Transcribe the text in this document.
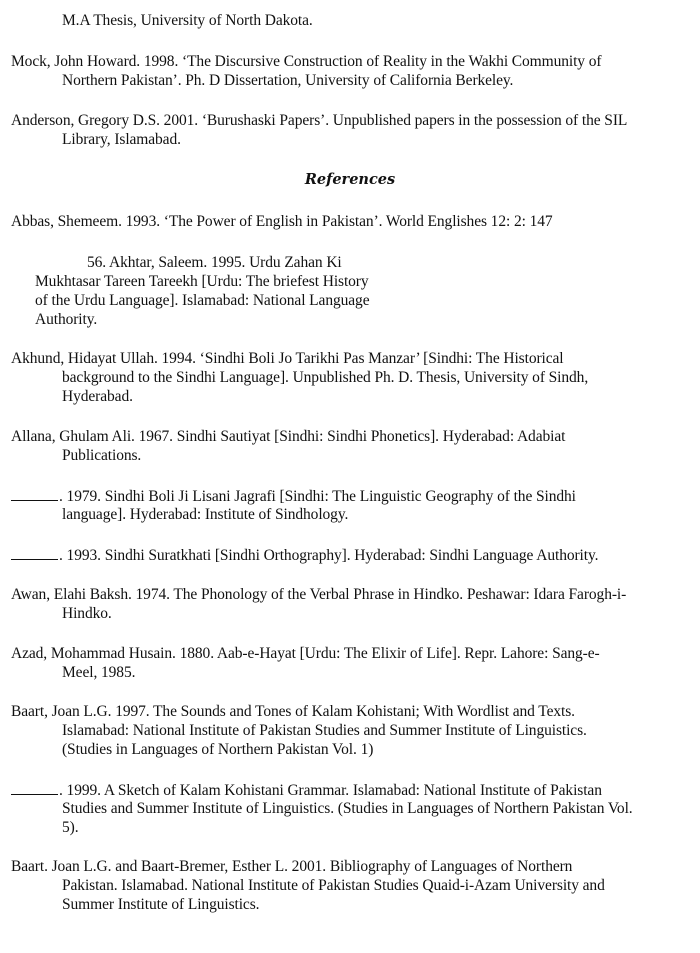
M.A Thesis, University of North Dakota.
Mock, John Howard. 1998. ‘The Discursive Construction of Reality in the Wakhi Community of
Northern Pakistan’. Ph. D Dissertation, University of California Berkeley.
Anderson, Gregory D.S. 2001. ‘Burushaski Papers’. Unpublished papers in the possession of the SIL
Library, Islamabad.
References
Abbas, Shemeem. 1993. ‘The Power of English in Pakistan’. World Englishes 12: 2: 147
56. Akhtar, Saleem. 1995. Urdu Zahan Ki
Mukhtasar Tareen Tareekh [Urdu: The briefest History
of the Urdu Language]. Islamabad: National Language
Authority.
Akhund, Hidayat Ullah. 1994. ‘Sindhi Boli Jo Tarikhi Pas Manzar’ [Sindhi: The Historical
background to the Sindhi Language]. Unpublished Ph. D. Thesis, University of Sindh,
Hyderabad.
Allana, Ghulam Ali. 1967. Sindhi Sautiyat [Sindhi: Sindhi Phonetics]. Hyderabad: Adabiat
Publications.
. 1979. Sindhi Boli Ji Lisani Jagrafi [Sindhi: The Linguistic Geography of the Sindhi
language]. Hyderabad: Institute of Sindhology.
. 1993. Sindhi Suratkhati [Sindhi Orthography]. Hyderabad: Sindhi Language Authority.
Awan, Elahi Baksh. 1974. The Phonology of the Verbal Phrase in Hindko. Peshawar: Idara Farogh-i-
Hindko.
Azad, Mohammad Husain. 1880. Aab-e-Hayat [Urdu: The Elixir of Life]. Repr. Lahore: Sang-e-
Meel, 1985.
Baart, Joan L.G. 1997. The Sounds and Tones of Kalam Kohistani; With Wordlist and Texts.
Islamabad: National Institute of Pakistan Studies and Summer Institute of Linguistics.
(Studies in Languages of Northern Pakistan Vol. 1)
. 1999. A Sketch of Kalam Kohistani Grammar. Islamabad: National Institute of Pakistan
Studies and Summer Institute of Linguistics. (Studies in Languages of Northern Pakistan Vol.
5).
Baart. Joan L.G. and Baart-Bremer, Esther L. 2001. Bibliography of Languages of Northern
Pakistan. Islamabad. National Institute of Pakistan Studies Quaid-i-Azam University and
Summer Institute of Linguistics.
